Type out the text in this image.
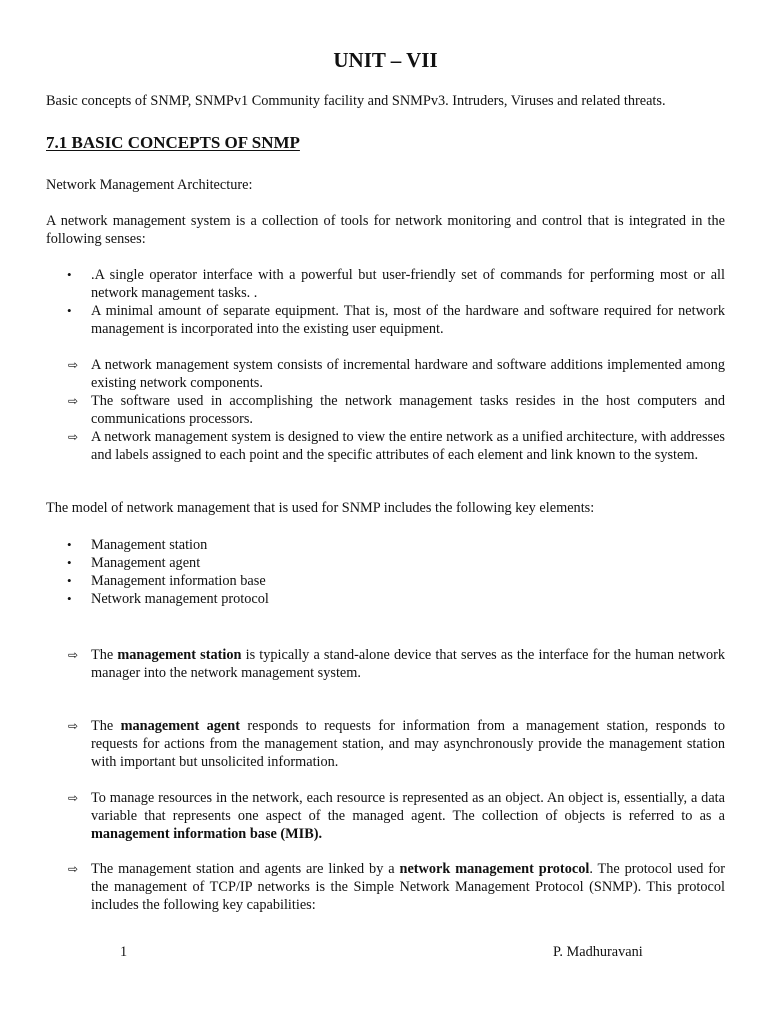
UNIT – VII

Basic concepts of SNMP, SNMPv1 Community facility and SNMPv3. Intruders, Viruses and related threats.

7.1 BASIC CONCEPTS OF SNMP

Network Management Architecture:

A network management system is a collection of tools for network monitoring and control that is integrated in the following senses:

• .A single operator interface with a powerful but user-friendly set of commands for performing most or all network management tasks. .
• A minimal amount of separate equipment. That is, most of the hardware and software required for network management is incorporated into the existing user equipment.
⇨ A network management system consists of incremental hardware and software additions implemented among existing network components.
⇨ The software used in accomplishing the network management tasks resides in the host computers and communications processors.
⇨ A network management system is designed to view the entire network as a unified architecture, with addresses and labels assigned to each point and the specific attributes of each element and link known to the system.

The model of network management that is used for SNMP includes the following key elements:

• Management station
• Management agent
• Management information base
• Network management protocol
⇨ The management station is typically a stand-alone device that serves as the interface for the human network manager into the network management system.
⇨ The management agent responds to requests for information from a management station, responds to requests for actions from the management station, and may asynchronously provide the management station with important but unsolicited information.
⇨ To manage resources in the network, each resource is represented as an object. An object is, essentially, a data variable that represents one aspect of the managed agent. The collection of objects is referred to as a management information base (MIB).
⇨ The management station and agents are linked by a network management protocol. The protocol used for the management of TCP/IP networks is the Simple Network Management Protocol (SNMP). This protocol includes the following key capabilities:
1	P. Madhuravani
